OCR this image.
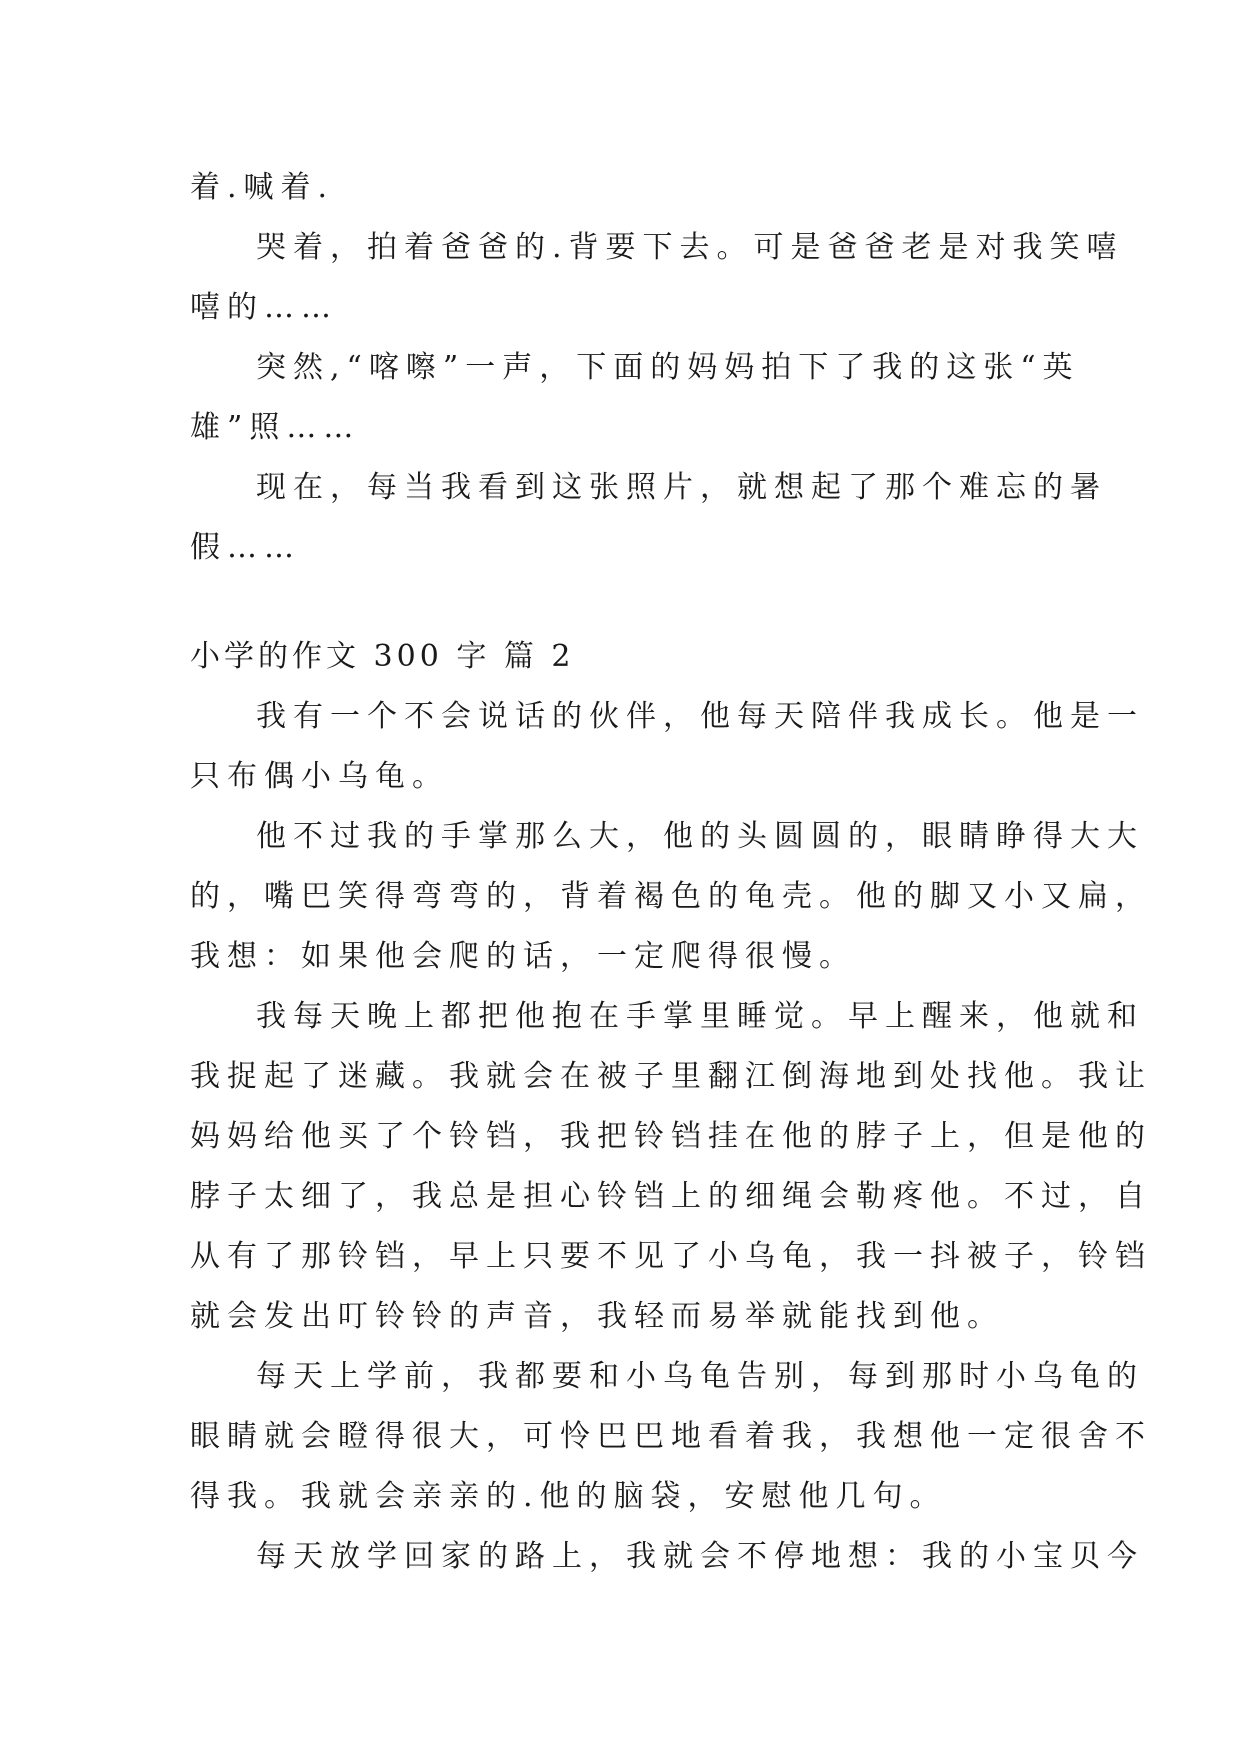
着.喊着.
哭着，拍着爸爸的.背要下去。可是爸爸老是对我笑嘻
嘻的……
突然,“喀嚓”一声，下面的妈妈拍下了我的这张“英
雄”照……
现在，每当我看到这张照片，就想起了那个难忘的暑
假……
小学的作文 300 字 篇 2
我有一个不会说话的伙伴，他每天陪伴我成长。他是一
只布偶小乌龟。
他不过我的手掌那么大，他的头圆圆的，眼睛睁得大大
的，嘴巴笑得弯弯的，背着褐色的龟壳。他的脚又小又扁，
我想：如果他会爬的话，一定爬得很慢。
我每天晚上都把他抱在手掌里睡觉。早上醒来，他就和
我捉起了迷藏。我就会在被子里翻江倒海地到处找他。我让
妈妈给他买了个铃铛，我把铃铛挂在他的脖子上，但是他的
脖子太细了，我总是担心铃铛上的细绳会勒疼他。不过，自
从有了那铃铛，早上只要不见了小乌龟，我一抖被子，铃铛
就会发出叮铃铃的声音，我轻而易举就能找到他。
每天上学前，我都要和小乌龟告别，每到那时小乌龟的
眼睛就会瞪得很大，可怜巴巴地看着我，我想他一定很舍不
得我。我就会亲亲的.他的脑袋，安慰他几句。
每天放学回家的路上，我就会不停地想：我的小宝贝今
